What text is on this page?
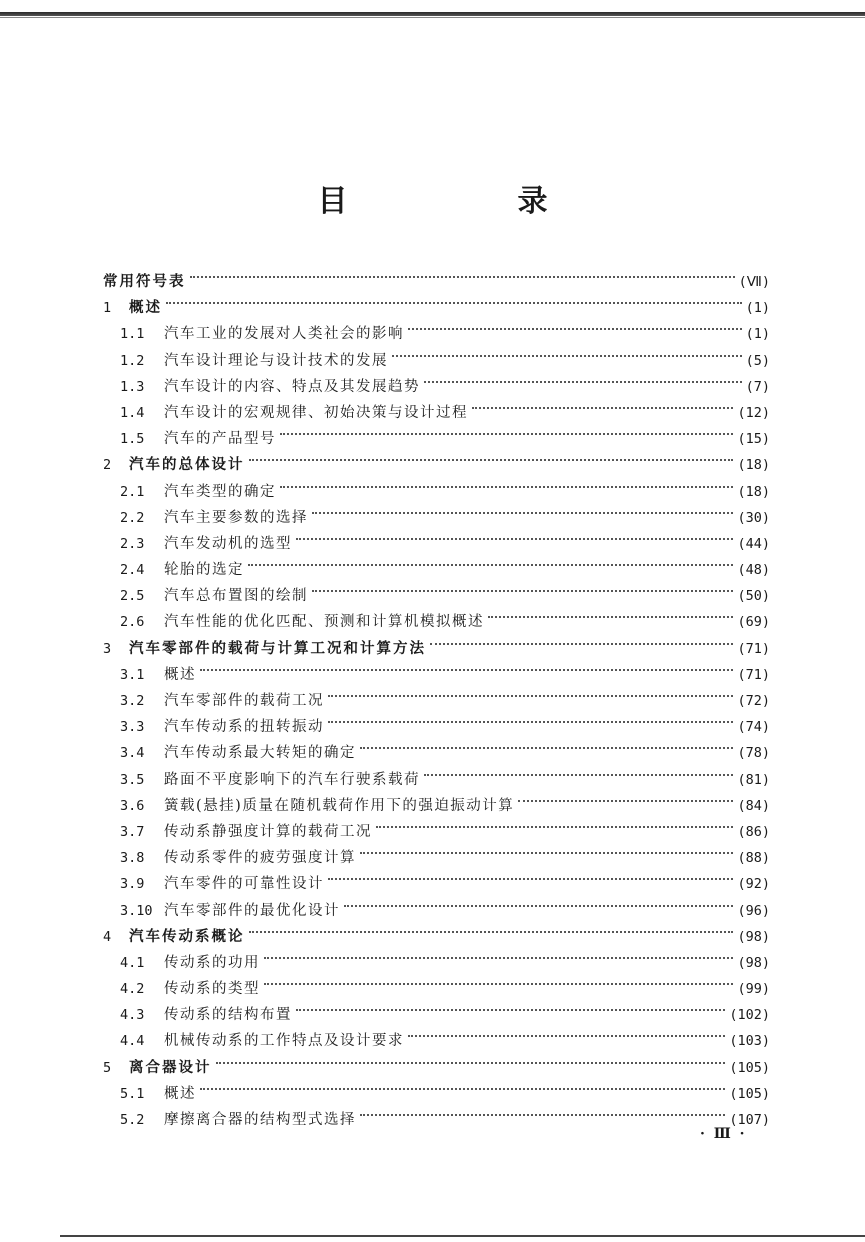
目　录
常用符号表	(Ⅶ)
1	概述	(1)
1.1	汽车工业的发展对人类社会的影响	(1)
1.2	汽车设计理论与设计技术的发展	(5)
1.3	汽车设计的内容、特点及其发展趋势	(7)
1.4	汽车设计的宏观规律、初始决策与设计过程	(12)
1.5	汽车的产品型号	(15)
2	汽车的总体设计	(18)
2.1	汽车类型的确定	(18)
2.2	汽车主要参数的选择	(30)
2.3	汽车发动机的选型	(44)
2.4	轮胎的选定	(48)
2.5	汽车总布置图的绘制	(50)
2.6	汽车性能的优化匹配、预测和计算机模拟概述	(69)
3	汽车零部件的载荷与计算工况和计算方法	(71)
3.1	概述	(71)
3.2	汽车零部件的载荷工况	(72)
3.3	汽车传动系的扭转振动	(74)
3.4	汽车传动系最大转矩的确定	(78)
3.5	路面不平度影响下的汽车行驶系载荷	(81)
3.6	簧载(悬挂)质量在随机载荷作用下的强迫振动计算	(84)
3.7	传动系静强度计算的载荷工况	(86)
3.8	传动系零件的疲劳强度计算	(88)
3.9	汽车零件的可靠性设计	(92)
3.10 汽车零部件的最优化设计	(96)
4	汽车传动系概论	(98)
4.1	传动系的功用	(98)
4.2	传动系的类型	(99)
4.3	传动系的结构布置	(102)
4.4	机械传动系的工作特点及设计要求	(103)
5	离合器设计	(105)
5.1	概述	(105)
5.2	摩擦离合器的结构型式选择	(107)
· Ⅲ ·
